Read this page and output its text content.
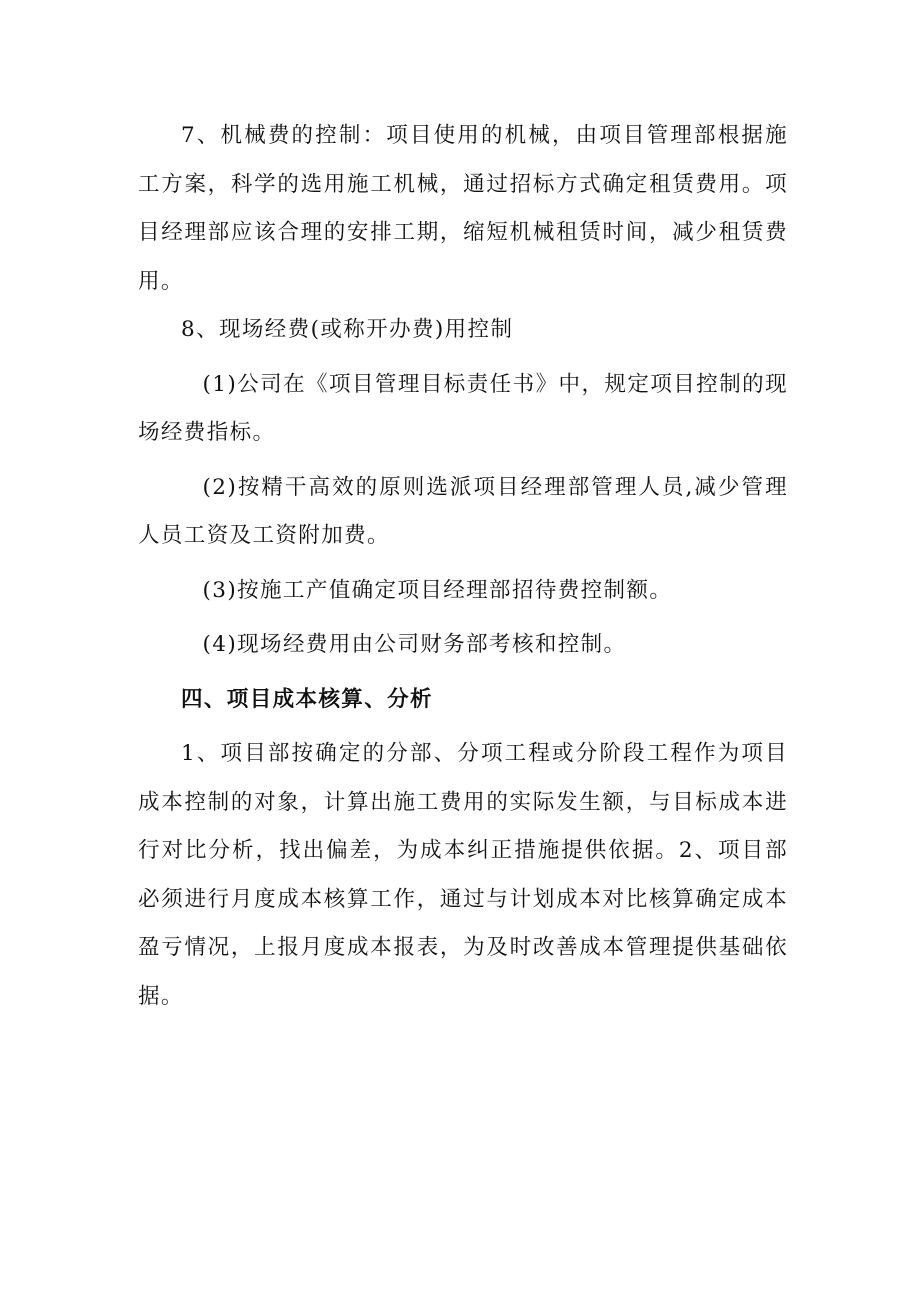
7、机械费的控制：项目使用的机械，由项目管理部根据施工方案，科学的选用施工机械，通过招标方式确定租赁费用。项目经理部应该合理的安排工期，缩短机械租赁时间，减少租赁费用。

8、现场经费(或称开办费)用控制

(1)公司在《项目管理目标责任书》中，规定项目控制的现场经费指标。

(2)按精干高效的原则选派项目经理部管理人员,减少管理人员工资及工资附加费。

(3)按施工产值确定项目经理部招待费控制额。

(4)现场经费用由公司财务部考核和控制。

四、项目成本核算、分析

1、项目部按确定的分部、分项工程或分阶段工程作为项目成本控制的对象，计算出施工费用的实际发生额，与目标成本进行对比分析，找出偏差，为成本纠正措施提供依据。2、项目部必须进行月度成本核算工作，通过与计划成本对比核算确定成本盈亏情况，上报月度成本报表，为及时改善成本管理提供基础依据。
